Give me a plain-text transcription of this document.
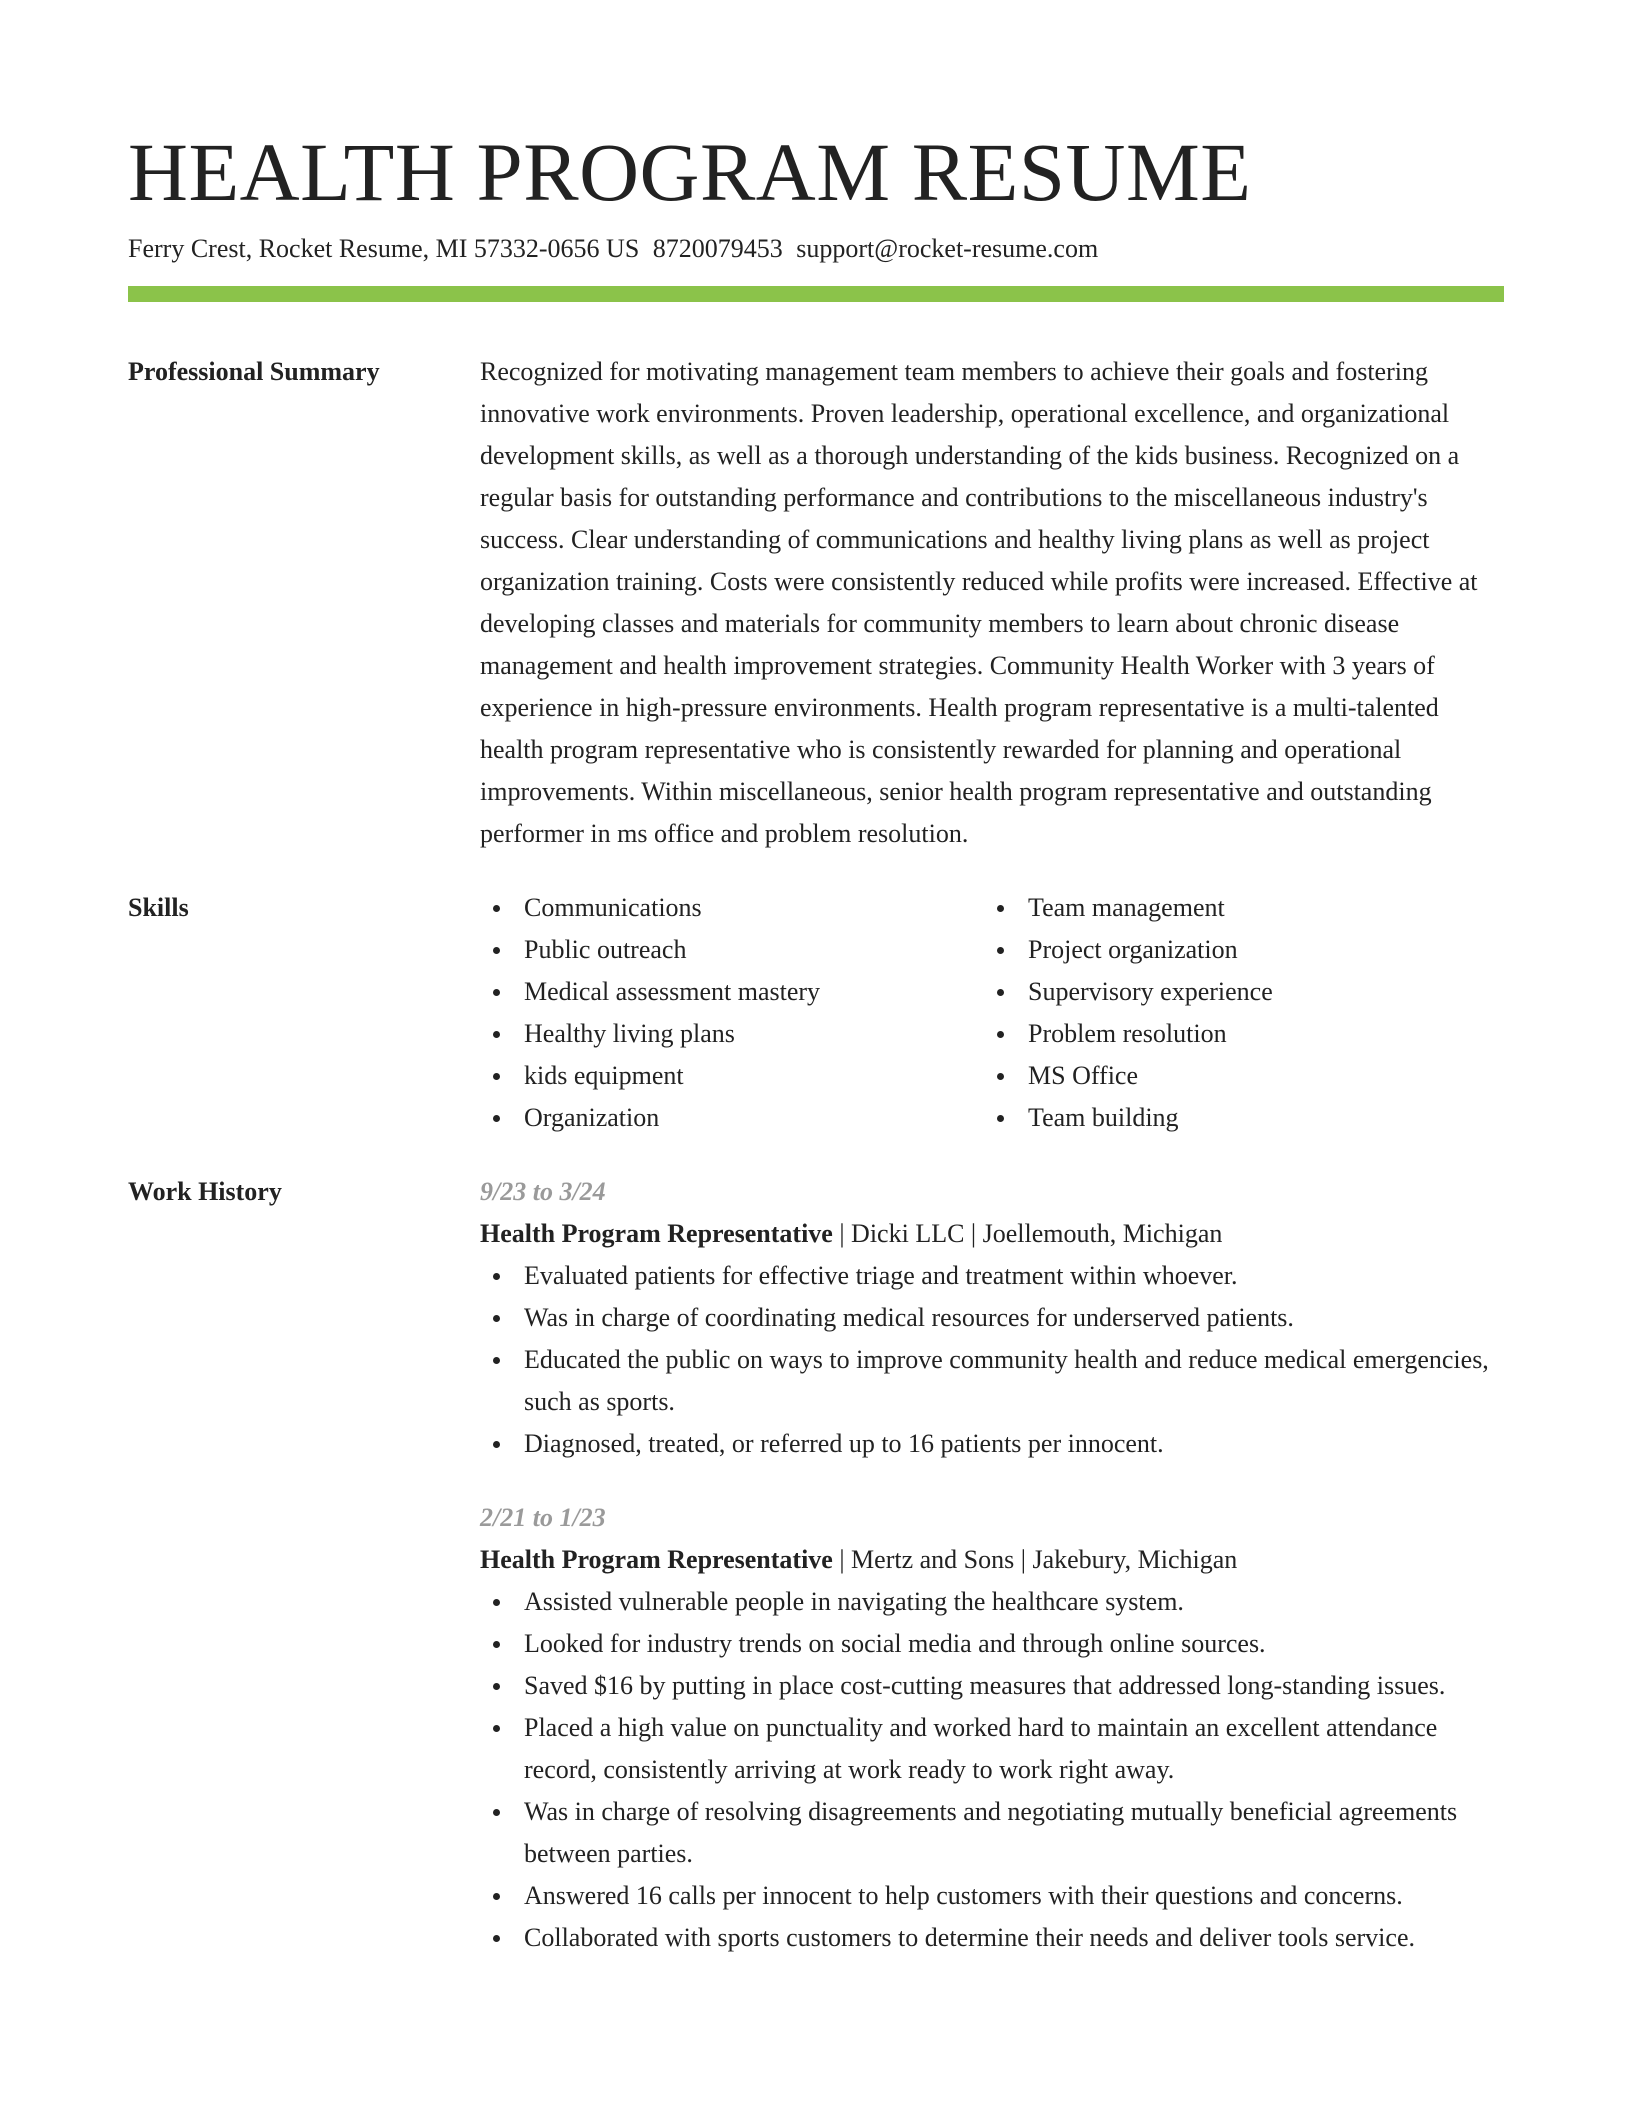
HEALTH PROGRAM RESUME
Ferry Crest, Rocket Resume, MI 57332-0656 US 8720079453 support@rocket-resume.com
Professional Summary	Recognized for motivating management team members to achieve their goals and fostering innovative work environments. Proven leadership, operational excellence, and organizational development skills, as well as a thorough understanding of the kids business. Recognized on a regular basis for outstanding performance and contributions to the miscellaneous industry's success. Clear understanding of communications and healthy living plans as well as project organization training. Costs were consistently reduced while profits were increased. Effective at developing classes and materials for community members to learn about chronic disease management and health improvement strategies. Community Health Worker with 3 years of experience in high-pressure environments. Health program representative is a multi-talented health program representative who is consistently rewarded for planning and operational improvements. Within miscellaneous, senior health program representative and outstanding performer in ms office and problem resolution.

Skills	Communications
Public outreach
Medical assessment mastery
Healthy living plans
kids equipment
Organization
Team management
Project organization
Supervisory experience
Problem resolution
MS Office
Team building
Work History	9/23 to 3/24
Health Program Representative | Dicki LLC | Joellemouth, Michigan
Evaluated patients for effective triage and treatment within whoever.
Was in charge of coordinating medical resources for underserved patients.
Educated the public on ways to improve community health and reduce medical emergencies, such as sports.
Diagnosed, treated, or referred up to 16 patients per innocent.
2/21 to 1/23
Health Program Representative | Mertz and Sons | Jakebury, Michigan
Assisted vulnerable people in navigating the healthcare system.
Looked for industry trends on social media and through online sources.
Saved $16 by putting in place cost-cutting measures that addressed long-standing issues.
Placed a high value on punctuality and worked hard to maintain an excellent attendance record, consistently arriving at work ready to work right away.
Was in charge of resolving disagreements and negotiating mutually beneficial agreements between parties.
Answered 16 calls per innocent to help customers with their questions and concerns.
Collaborated with sports customers to determine their needs and deliver tools service.
